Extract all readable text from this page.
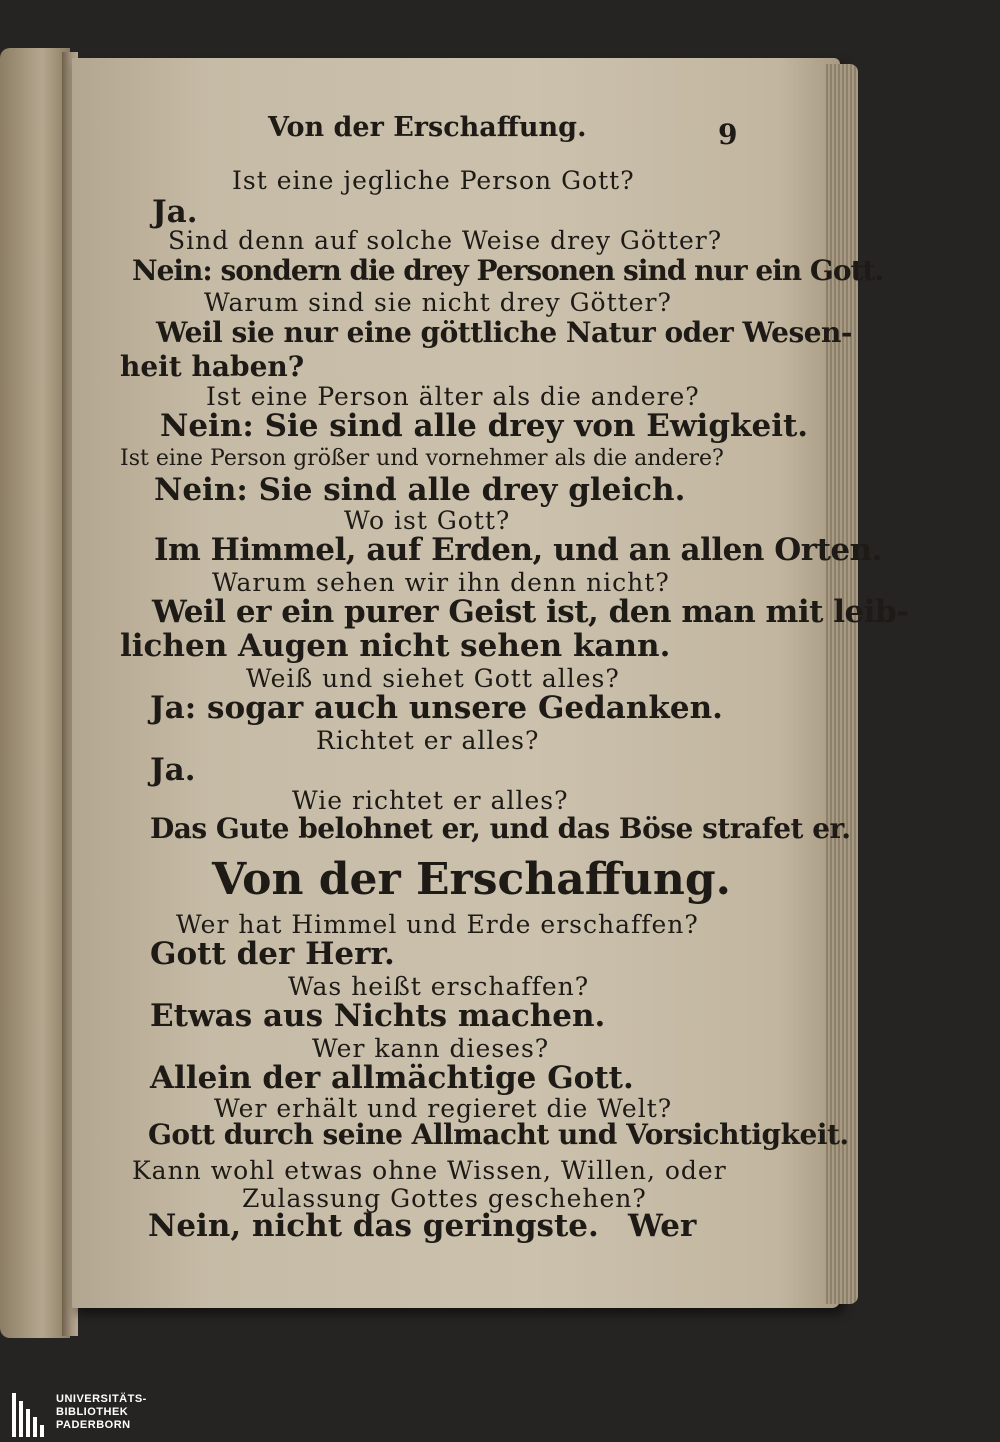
Von der Erschaffung.	9
Ist eine jegliche Person Gott?
Ja.
Sind denn auf solche Weise drey Götter?
Nein: sondern die drey Personen sind nur ein Gott.
Warum sind sie nicht drey Götter?
Weil sie nur eine göttliche Natur oder Wesen-
heit haben?
Ist eine Person älter als die andere?
Nein: Sie sind alle drey von Ewigkeit.
Ist eine Person größer und vornehmer als die andere?
Nein: Sie sind alle drey gleich.
Wo ist Gott?
Im Himmel, auf Erden, und an allen Orten.
Warum sehen wir ihn denn nicht?
Weil er ein purer Geist ist, den man mit leib-
lichen Augen nicht sehen kann.
Weiß und siehet Gott alles?
Ja: sogar auch unsere Gedanken.
Richtet er alles?
Ja.
Wie richtet er alles?
Das Gute belohnet er, und das Böse strafet er.
Von der Erschaffung.
Wer hat Himmel und Erde erschaffen?
Gott der Herr.
Was heißt erschaffen?
Etwas aus Nichts machen.
Wer kann dieses?
Allein der allmächtige Gott.
Wer erhält und regieret die Welt?
Gott durch seine Allmacht und Vorsichtigkeit.
Kann wohl etwas ohne Wissen, Willen, oder
Zulassung Gottes geschehen?
Nein, nicht das geringste. Wer
UNIVERSITÄTS-
BIBLIOTHEK
PADERBORN
